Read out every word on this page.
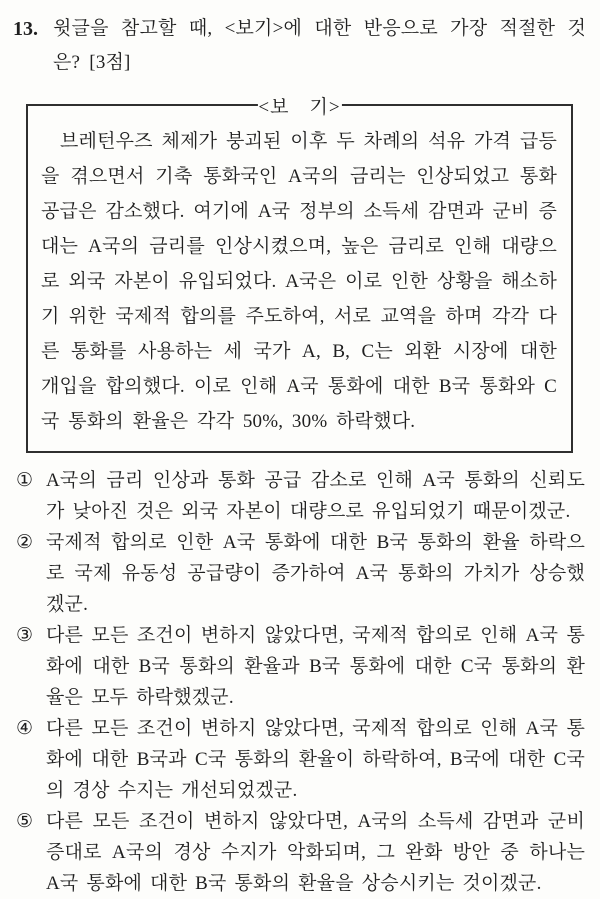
13. 윗글을 참고할 때, <보기>에 대한 반응으로 가장 적절한 것은? [3점]

<보　기>

브레턴우즈 체제가 붕괴된 이후 두 차례의 석유 가격 급등을 겪으면서 기축 통화국인 A국의 금리는 인상되었고 통화 공급은 감소했다. 여기에 A국 정부의 소득세 감면과 군비 증대는 A국의 금리를 인상시켰으며, 높은 금리로 인해 대량으로 외국 자본이 유입되었다. A국은 이로 인한 상황을 해소하기 위한 국제적 합의를 주도하여, 서로 교역을 하며 각각 다른 통화를 사용하는 세 국가 A, B, C는 외환 시장에 대한 개입을 합의했다. 이로 인해 A국 통화에 대한 B국 통화와 C국 통화의 환율은 각각 50%, 30% 하락했다.

① A국의 금리 인상과 통화 공급 감소로 인해 A국 통화의 신뢰도가 낮아진 것은 외국 자본이 대량으로 유입되었기 때문이겠군.
② 국제적 합의로 인한 A국 통화에 대한 B국 통화의 환율 하락으로 국제 유동성 공급량이 증가하여 A국 통화의 가치가 상승했겠군.
③ 다른 모든 조건이 변하지 않았다면, 국제적 합의로 인해 A국 통화에 대한 B국 통화의 환율과 B국 통화에 대한 C국 통화의 환율은 모두 하락했겠군.
④ 다른 모든 조건이 변하지 않았다면, 국제적 합의로 인해 A국 통화에 대한 B국과 C국 통화의 환율이 하락하여, B국에 대한 C국의 경상 수지는 개선되었겠군.
⑤ 다른 모든 조건이 변하지 않았다면, A국의 소득세 감면과 군비 증대로 A국의 경상 수지가 악화되며, 그 완화 방안 중 하나는 A국 통화에 대한 B국 통화의 환율을 상승시키는 것이겠군.
